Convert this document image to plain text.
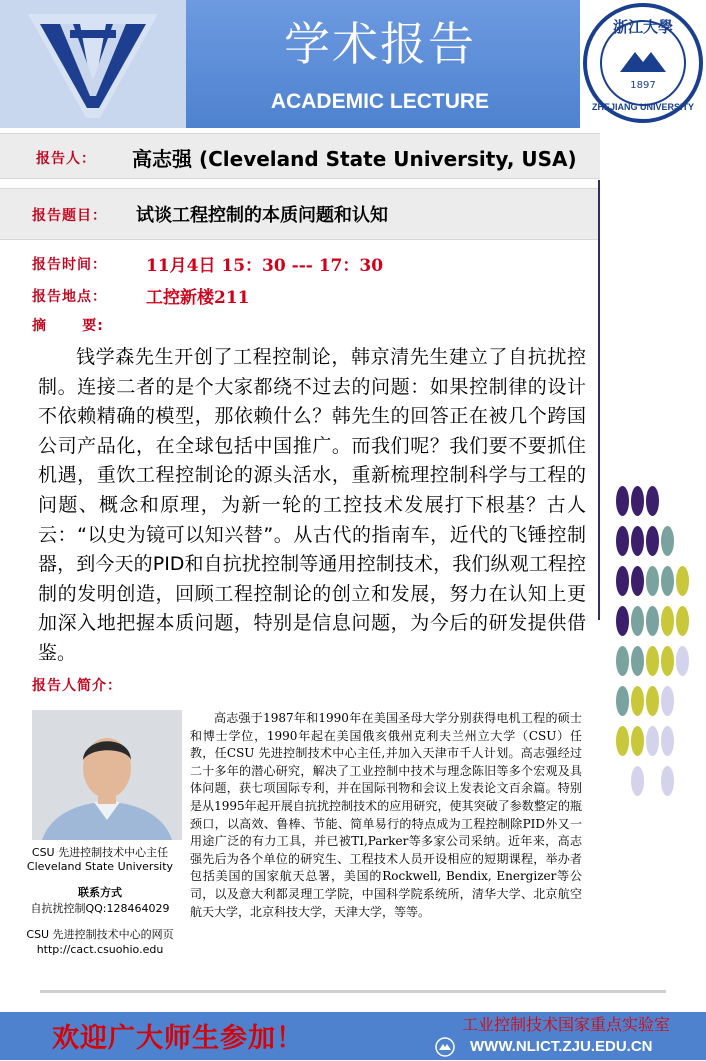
学术报告
ACADEMIC LECTURE
浙江大學
1897
ZHEJIANG UNIVERSITY
报告人： 高志强 (Cleveland State University, USA)
报告题目： 试谈工程控制的本质问题和认知
报告时间： 11月4日 15：30 --- 17：30
报告地点： 工控新楼211
摘      要:
钱学森先生开创了工程控制论，韩京清先生建立了自抗扰控制。连接二者的是个大家都绕不过去的问题：如果控制律的设计不依赖精确的模型，那依赖什么？韩先生的回答正在被几个跨国公司产品化，在全球包括中国推广。而我们呢？我们要不要抓住机遇，重饮工程控制论的源头活水，重新梳理控制科学与工程的问题、概念和原理，为新一轮的工控技术发展打下根基？古人云：“以史为镜可以知兴替”。从古代的指南车，近代的飞锤控制器，到今天的PID和自抗扰控制等通用控制技术，我们纵观工程控制的发明创造，回顾工程控制论的创立和发展，努力在认知上更加深入地把握本质问题，特别是信息问题，为今后的研发提供借鉴。
报告人简介：
CSU 先进控制技术中心主任
Cleveland State University
联系方式
自抗扰控制QQ:128464029
CSU 先进控制技术中心的网页
http://cact.csuohio.edu
高志强于1987年和1990年在美国圣母大学分别获得电机工程的硕士和博士学位，1990年起在美国俄亥俄州克利夫兰州立大学（CSU）任教，任CSU 先进控制技术中心主任,并加入天津市千人计划。高志强经过二十多年的潜心研究，解决了工业控制中技术与理念陈旧等多个宏观及具体问题，获七项国际专利，并在国际刊物和会议上发表论文百余篇。特别是从1995年起开展自抗扰控制技术的应用研究，使其突破了参数整定的瓶颈口，以高效、鲁棒、节能、简单易行的特点成为工程控制除PID外又一用途广泛的有力工具，并已被TI,Parker等多家公司采纳。近年来，高志强先后为各个单位的研究生、工程技术人员开设相应的短期课程，举办者包括美国的国家航天总署，美国的Rockwell, Bendix, Energizer等公司，以及意大利都灵理工学院，中国科学院系统所，清华大学、北京航空航天大学，北京科技大学，天津大学，等等。
欢迎广大师生参加！	工业控制技术国家重点实验室
WWW.NLICT.ZJU.EDU.CN
